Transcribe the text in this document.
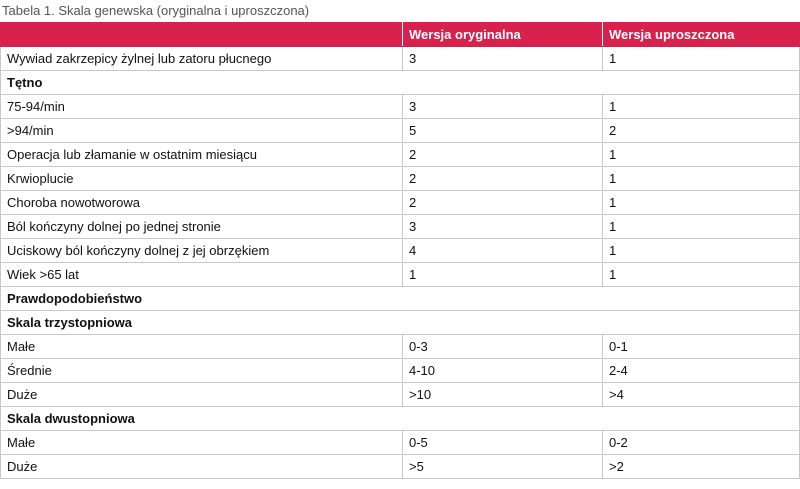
Tabela 1. Skala genewska (oryginalna i uproszczona)
	Wersja oryginalna	Wersja uproszczona
Wywiad zakrzepicy żylnej lub zatoru płucnego	3	1
Tętno		
75-94/min	3	1
>94/min	5	2
Operacja lub złamanie w ostatnim miesiącu	2	1
Krwioplucie	2	1
Choroba nowotworowa	2	1
Ból kończyny dolnej po jednej stronie	3	1
Uciskowy ból kończyny dolnej z jej obrzękiem	4	1
Wiek >65 lat	1	1
Prawdopodobieństwo		
Skala trzystopniowa		
Małe	0-3	0-1
Średnie	4-10	2-4
Duże	>10	>4
Skala dwustopniowa		
Małe	0-5	0-2
Duże	>5	>2
